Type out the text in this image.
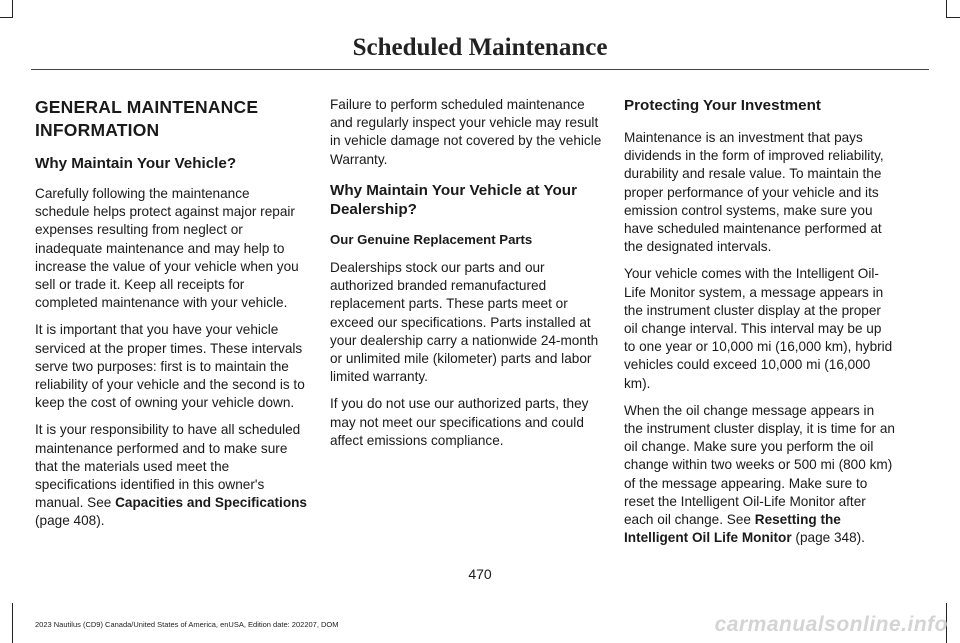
Scheduled Maintenance
GENERAL MAINTENANCE
INFORMATION
Why Maintain Your Vehicle?

Carefully following the maintenance schedule helps protect against major repair expenses resulting from neglect or inadequate maintenance and may help to increase the value of your vehicle when you sell or trade it. Keep all receipts for completed maintenance with your vehicle.

It is important that you have your vehicle serviced at the proper times. These intervals serve two purposes: first is to maintain the reliability of your vehicle and the second is to keep the cost of owning your vehicle down.

It is your responsibility to have all scheduled maintenance performed and to make sure that the materials used meet the specifications identified in this owner's manual. See Capacities and Specifications (page 408).

Failure to perform scheduled maintenance and regularly inspect your vehicle may result in vehicle damage not covered by the vehicle Warranty.

Why Maintain Your Vehicle at Your Dealership?
Our Genuine Replacement Parts

Dealerships stock our parts and our authorized branded remanufactured replacement parts. These parts meet or exceed our specifications. Parts installed at your dealership carry a nationwide 24-month or unlimited mile (kilometer) parts and labor limited warranty.

If you do not use our authorized parts, they may not meet our specifications and could affect emissions compliance.

Protecting Your Investment

Maintenance is an investment that pays dividends in the form of improved reliability, durability and resale value. To maintain the proper performance of your vehicle and its emission control systems, make sure you have scheduled maintenance performed at the designated intervals.

Your vehicle comes with the Intelligent Oil-Life Monitor system, a message appears in the instrument cluster display at the proper oil change interval. This interval may be up to one year or 10,000 mi (16,000 km), hybrid vehicles could exceed 10,000 mi (16,000 km).

When the oil change message appears in the instrument cluster display, it is time for an oil change. Make sure you perform the oil change within two weeks or 500 mi (800 km) of the message appearing. Make sure to reset the Intelligent Oil-Life Monitor after each oil change. See Resetting the Intelligent Oil Life Monitor (page 348).

470
2023 Nautilus (CD9) Canada/United States of America, enUSA, Edition date: 202207, DOM	carmanualsonline.info
